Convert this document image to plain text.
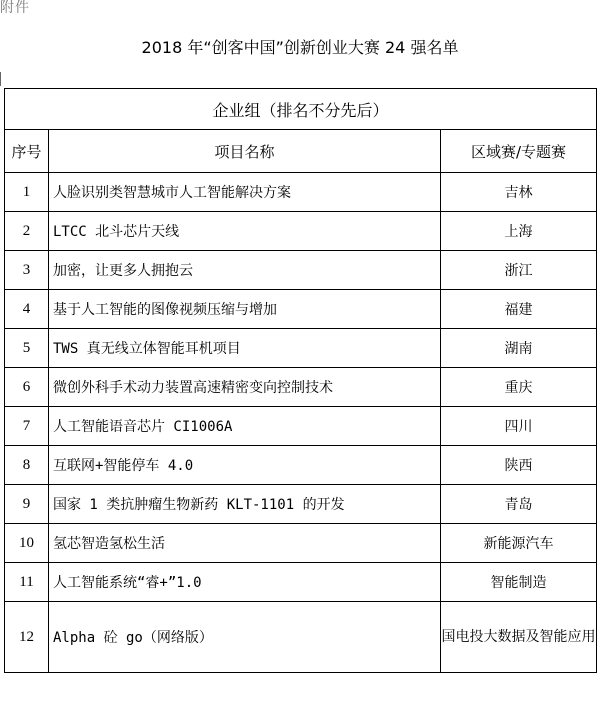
附件
2018 年“创客中国”创新创业大赛 24 强名单
企业组（排名不分先后）		
序号	项目名称	区域赛/专题赛
1	人脸识别类智慧城市人工智能解决方案	吉林
2	LTCC 北斗芯片天线	上海
3	加密，让更多人拥抱云	浙江
4	基于人工智能的图像视频压缩与增加	福建
5	TWS 真无线立体智能耳机项目	湖南
6	微创外科手术动力装置高速精密变向控制技术	重庆
7	人工智能语音芯片 CI1006A	四川
8	互联网+智能停车 4.0	陕西
9	国家 1 类抗肿瘤生物新药 KLT-1101 的开发	青岛
10	氢芯智造氢松生活	新能源汽车
11	人工智能系统“睿+”1.0	智能制造
12	Alpha 砼 go（网络版）	国电投大数据及智能应用
